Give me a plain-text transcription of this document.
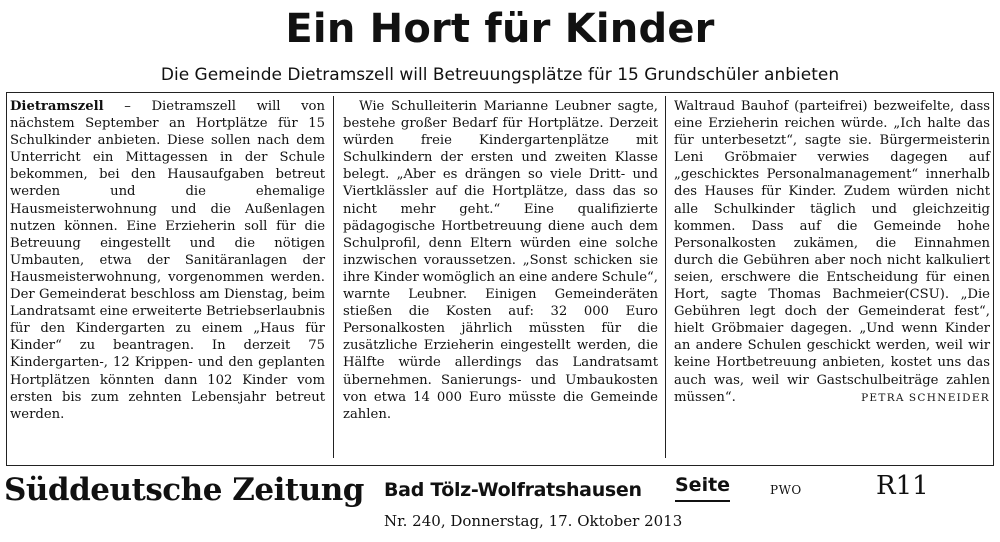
Ein Hort für Kinder
Die Gemeinde Dietramszell will Betreuungsplätze für 15 Grundschüler anbieten

Dietramszell – Dietramszell will von nächstem September an Hortplätze für 15 Schulkinder anbieten. Diese sollen nach dem Unterricht ein Mittagessen in der Schule bekommen, bei den Hausaufgaben betreut werden und die ehemalige Hausmeisterwohnung und die Außenlagen nutzen können. Eine Erzieherin soll für die Betreuung eingestellt und die nötigen Umbauten, etwa der Sanitäranlagen der Hausmeisterwohnung, vorgenommen werden. Der Gemeinderat beschloss am Dienstag, beim Landratsamt eine erweiterte Betriebserlaubnis für den Kindergarten zu einem „Haus für Kinder“ zu beantragen. In derzeit 75 Kindergarten-, 12 Krippen- und den geplanten Hortplätzen könnten dann 102 Kinder vom ersten bis zum zehnten Lebensjahr betreut werden.

Wie Schulleiterin Marianne Leubner sagte, bestehe großer Bedarf für Hortplätze. Derzeit würden freie Kindergartenplätze mit Schulkindern der ersten und zweiten Klasse belegt. „Aber es drängen so viele Dritt- und Viertklässler auf die Hortplätze, dass das so nicht mehr geht.“ Eine qualifizierte pädagogische Hortbetreuung diene auch dem Schulprofil, denn Eltern würden eine solche inzwischen voraussetzen. „Sonst schicken sie ihre Kinder womöglich an eine andere Schule“, warnte Leubner. Einigen Gemeinderäten stießen die Kosten auf: 32 000 Euro Personalkosten jährlich müssten für die zusätzliche Erzieherin eingestellt werden, die Hälfte würde allerdings das Landratsamt übernehmen. Sanierungs- und Umbaukosten von etwa 14 000 Euro müsste die Gemeinde zahlen.

Waltraud Bauhof (parteifrei) bezweifelte, dass eine Erzieherin reichen würde. „Ich halte das für unterbesetzt“, sagte sie. Bürgermeisterin Leni Gröbmaier verwies dagegen auf „geschicktes Personalmanagement“ innerhalb des Hauses für Kinder. Zudem würden nicht alle Schulkinder täglich und gleichzeitig kommen. Dass auf die Gemeinde hohe Personalkosten zukämen, die Einnahmen durch die Gebühren aber noch nicht kalkuliert seien, erschwere die Entscheidung für einen Hort, sagte Thomas Bachmeier(CSU). „Die Gebühren legt doch der Gemeinderat fest“, hielt Gröbmaier dagegen. „Und wenn Kinder an andere Schulen geschickt werden, weil wir keine Hortbetreuung anbieten, kostet uns das auch was, weil wir Gastschulbeiträge zahlen müssen“.	PETRA SCHNEIDER

Süddeutsche Zeitung Bad Tölz-Wolfratshausen Seite	PWO	R11
Nr. 240, Donnerstag, 17. Oktober 2013
